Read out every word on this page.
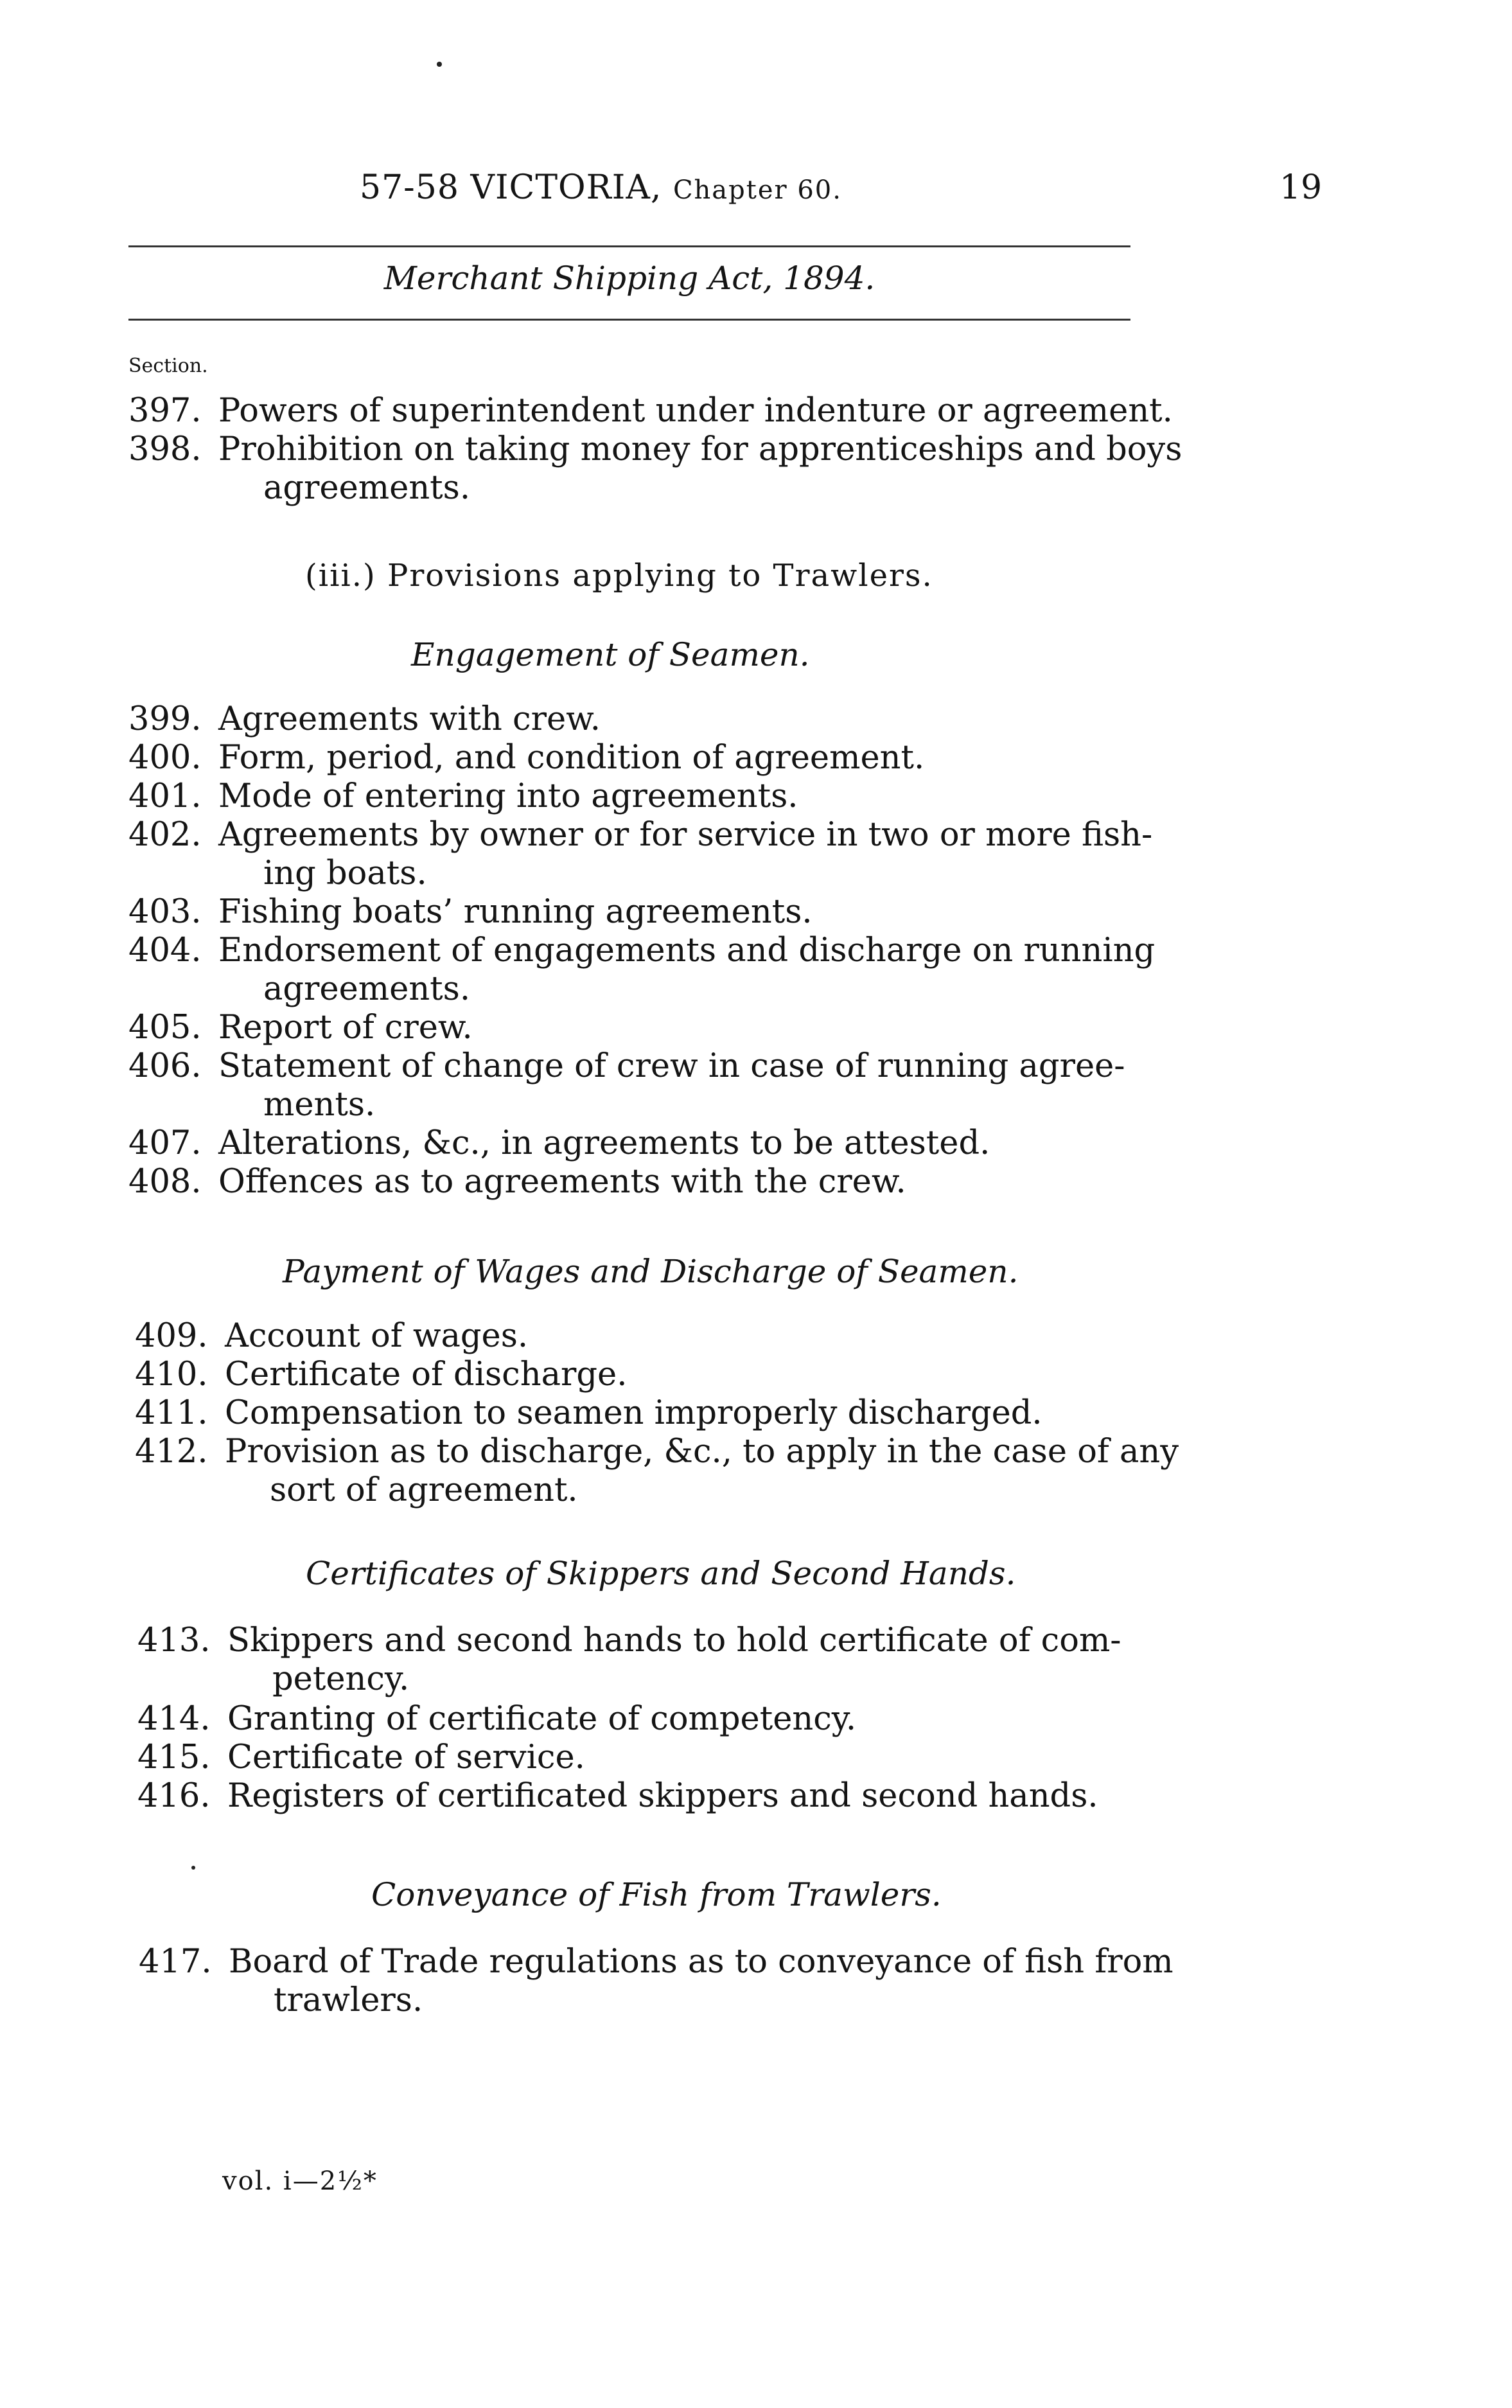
57-58 VICTORIA, Chapter 60.	19
Merchant Shipping Act, 1894.
Section.
397. Powers of superintendent under indenture or agreement.
398. Prohibition on taking money for apprenticeships and boys
agreements.
(iii.) Provisions applying to Trawlers.
Engagement of Seamen.
399. Agreements with crew.
400. Form, period, and condition of agreement.
401. Mode of entering into agreements.
402. Agreements by owner or for service in two or more fish-
ing boats.
403. Fishing boats’ running agreements.
404. Endorsement of engagements and discharge on running
agreements.
405. Report of crew.
406. Statement of change of crew in case of running agree-
ments.
407. Alterations, &c., in agreements to be attested.
408. Offences as to agreements with the crew.
Payment of Wages and Discharge of Seamen.
409. Account of wages.
410. Certificate of discharge.
411. Compensation to seamen improperly discharged.
412. Provision as to discharge, &c., to apply in the case of any
sort of agreement.
Certificates of Skippers and Second Hands.
413. Skippers and second hands to hold certificate of com-
petency.
414. Granting of certificate of competency.
415. Certificate of service.
416. Registers of certificated skippers and second hands.
Conveyance of Fish from Trawlers.
417. Board of Trade regulations as to conveyance of fish from
trawlers.
vol. i—2½*
